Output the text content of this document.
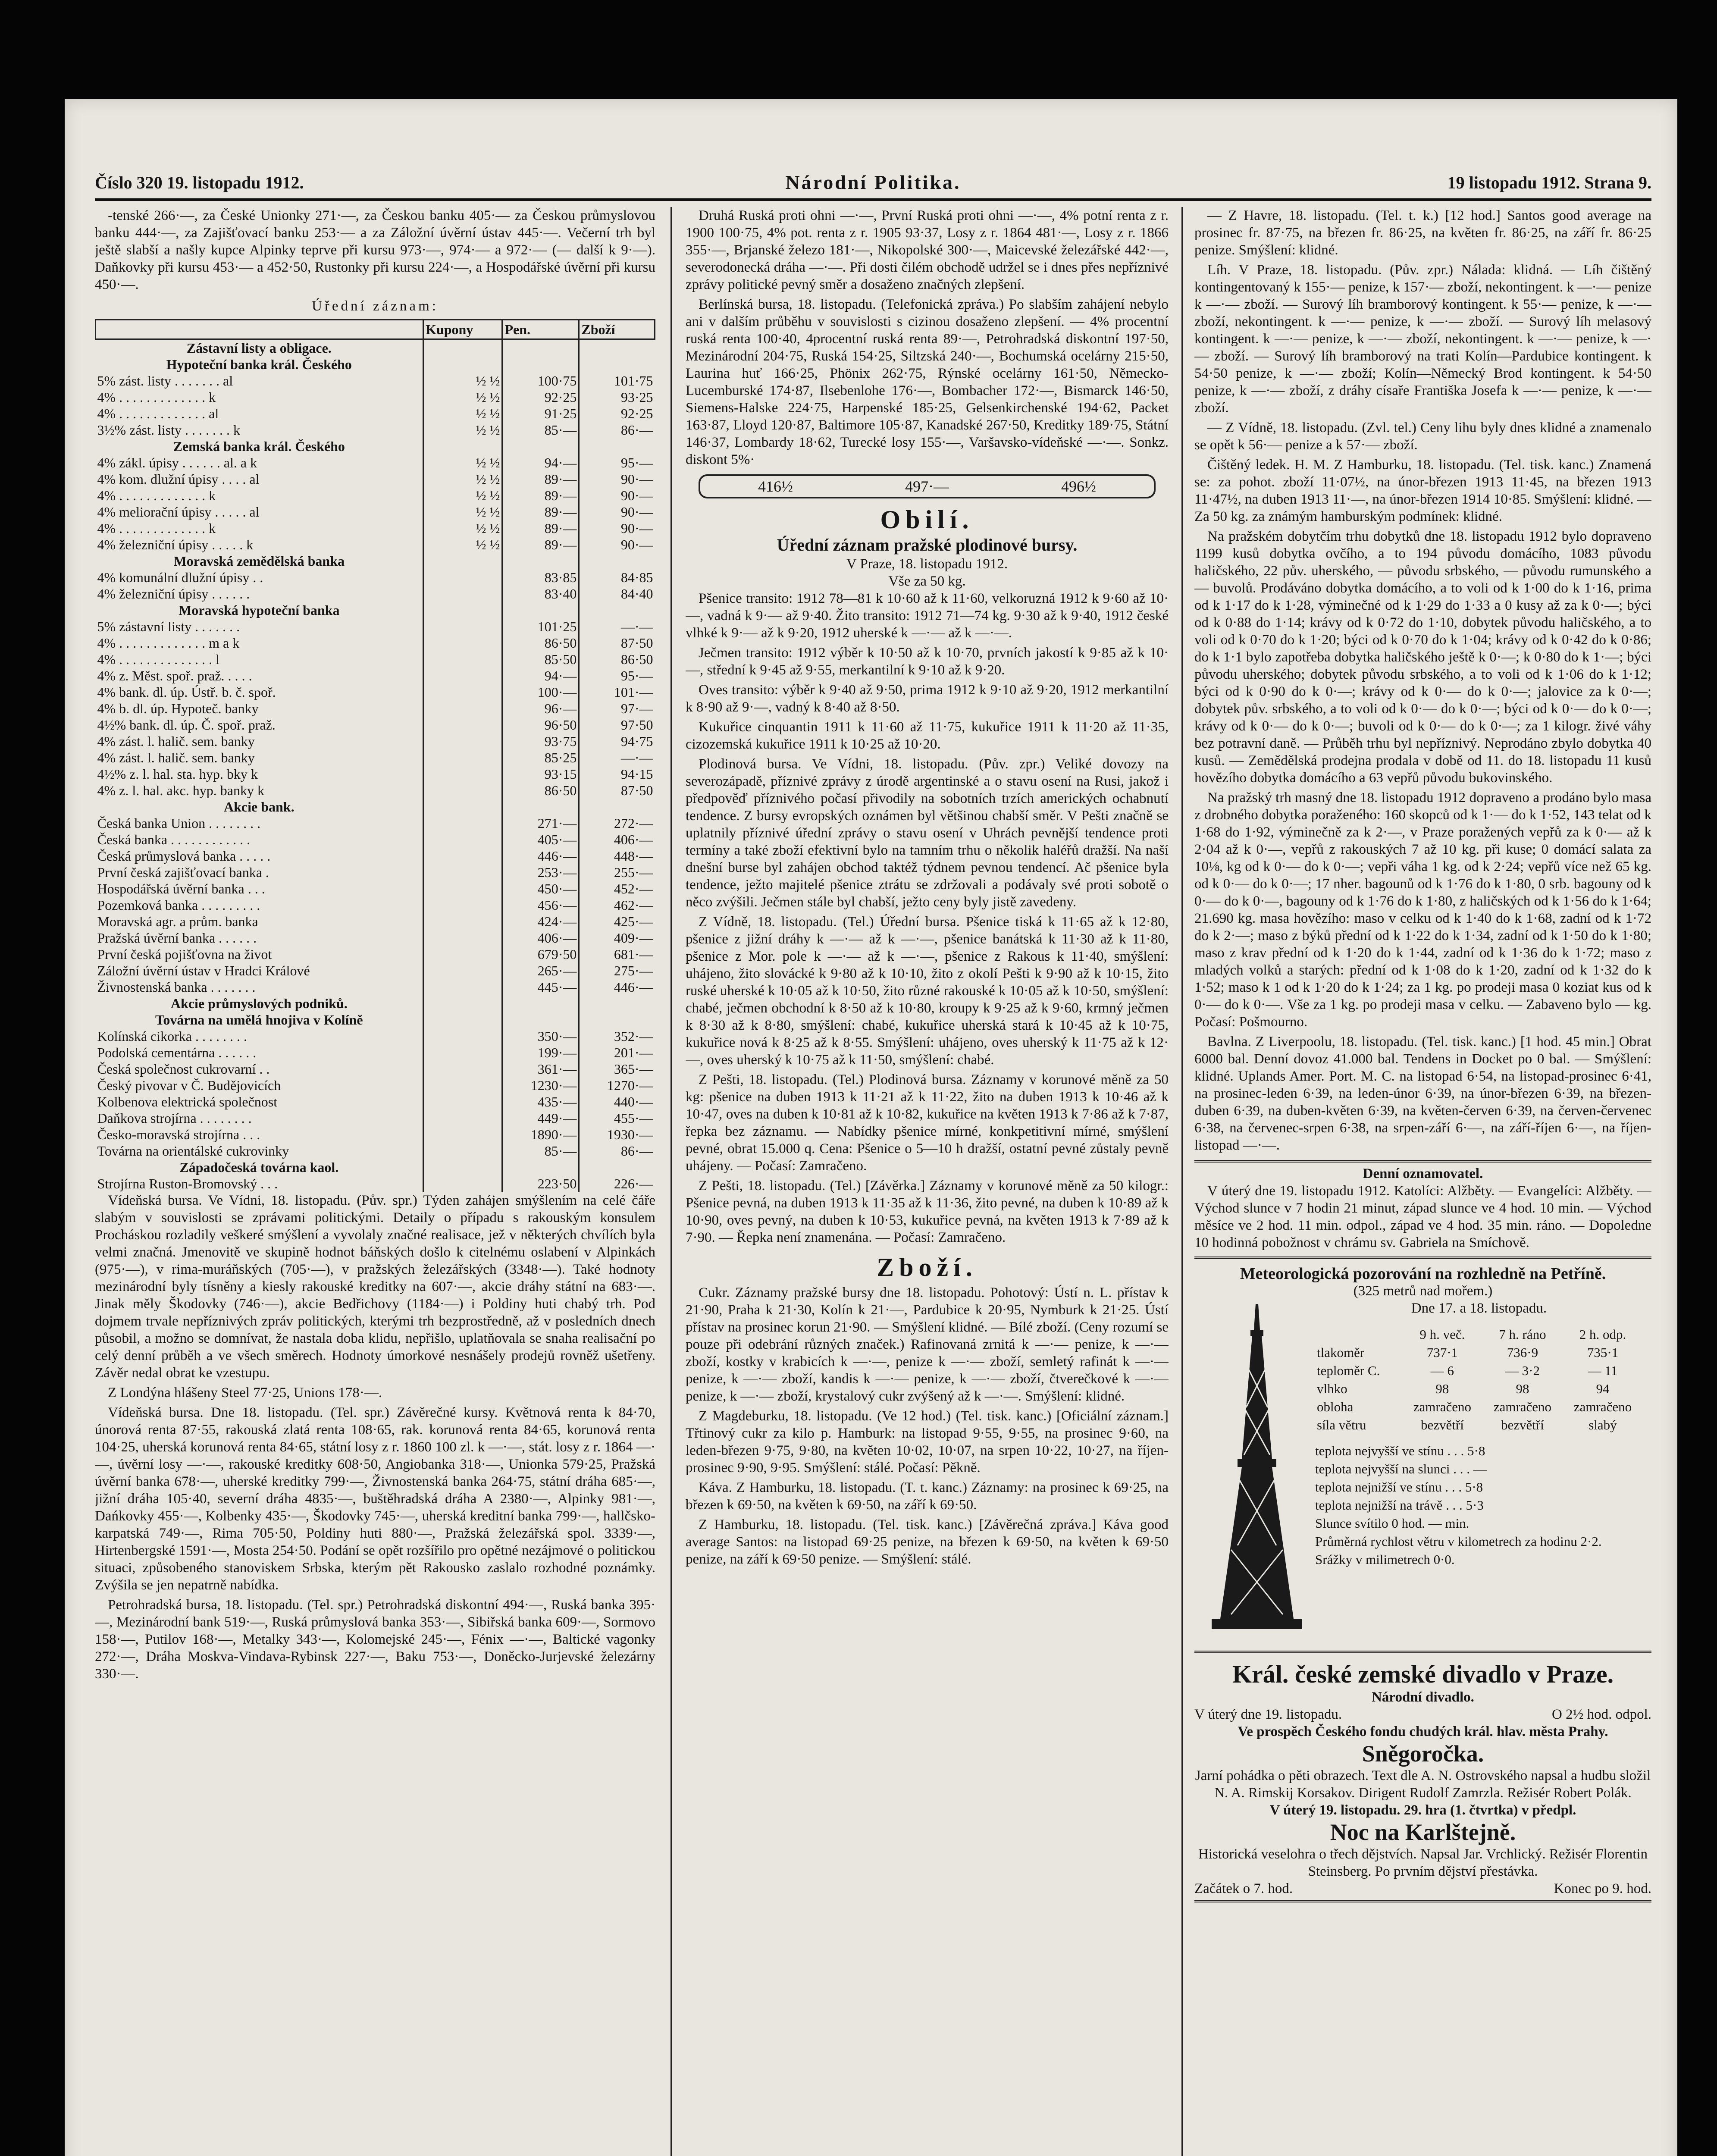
Číslo 320 19. listopadu 1912.	Národní Politika.	19 listopadu 1912. Strana 9.

-tenské 266·—, za České Unionky 271·—, za Českou banku 405·— za Českou průmyslovou banku 444·—, za Zajišťovací banku 253·— a za Záložní úvěrní ústav 445·—. Večerní trh byl ještě slabší a našly kupce Alpinky teprve při kursu 973·—, 974·— a 972·— (— další k 9·—). Daňkovky při kursu 453·— a 452·50, Rustonky při kursu 224·—, a Hospodářské úvěrní při kursu 450·—.

Úřední záznam:
	Kupony	Pen.	Zboží
Zástavní listy a obligace.			
Hypoteční banka král. Českého			
5% zást. listy . . . . . . . al	½ ½	100·75	101·75
4% . . . . . . . . . . . . . k	½ ½	92·25	93·25
4% . . . . . . . . . . . . . al	½ ½	91·25	92·25
3½% zást. listy . . . . . . . k	½ ½	85·—	86·—
Zemská banka král. Českého			
4% zákl. úpisy . . . . . . al. a k	½ ½	94·—	95·—
4% kom. dlužní úpisy . . . . al	½ ½	89·—	90·—
4% . . . . . . . . . . . . . k	½ ½	89·—	90·—
4% meliorační úpisy . . . . . al	½ ½	89·—	90·—
4% . . . . . . . . . . . . . k	½ ½	89·—	90·—
4% železniční úpisy . . . . . k	½ ½	89·—	90·—
Moravská zemědělská banka			
4% komunální dlužní úpisy . .		83·85	84·85
4% železniční úpisy . . . . . .		83·40	84·40
Moravská hypoteční banka			
5% zástavní listy . . . . . . .		101·25	—·—
4% . . . . . . . . . . . . . m a k		86·50	87·50
4% . . . . . . . . . . . . . . l		85·50	86·50
4% z. Měst. spoř. praž. . . . .		94·—	95·—
4% bank. dl. úp. Ústř. b. č. spoř.		100·—	101·—
4% b. dl. úp. Hypoteč. banky		96·—	97·—
4½% bank. dl. úp. Č. spoř. praž.		96·50	97·50
4% zást. l. halič. sem. banky		93·75	94·75
4% zást. l. halič. sem. banky		85·25	—·—
4½% z. l. hal. sta. hyp. bky k		93·15	94·15
4% z. l. hal. akc. hyp. banky k		86·50	87·50
Akcie bank.			
Česká banka Union . . . . . . . .		271·—	272·—
Česká banka . . . . . . . . . . . .		405·—	406·—
Česká průmyslová banka . . . . .		446·—	448·—
První česká zajišťovací banka .		253·—	255·—
Hospodářská úvěrní banka . . .		450·—	452·—
Pozemková banka . . . . . . . . .		456·—	462·—
Moravská agr. a prům. banka		424·—	425·—
Pražská úvěrní banka . . . . . .		406·—	409·—
První česká pojišťovna na život		679·50	681·—
Záložní úvěrní ústav v Hradci Králové		265·—	275·—
Živnostenská banka . . . . . . .		445·—	446·—
Akcie průmyslových podniků.			
Továrna na umělá hnojiva v Kolíně			
Kolínská cikorka . . . . . . . .		350·—	352·—
Podolská cementárna . . . . . .		199·—	201·—
Česká společnost cukrovarní . .		361·—	365·—
Český pivovar v Č. Budějovicích		1230·—	1270·—
Kolbenova elektrická společnost		435·—	440·—
Daňkova strojírna . . . . . . . .		449·—	455·—
Česko-moravská strojírna . . .		1890·—	1930·—
Továrna na orientálské cukrovinky		85·—	86·—
Západočeská továrna kaol.			
Strojírna Ruston-Bromovský . . .		223·50	226·—

Vídeňská bursa. Ve Vídni, 18. listopadu. (Pův. spr.) Týden zahájen smýšlením na celé čáře slabým v souvislosti se zprávami politickými. Detaily o případu s rakouským konsulem Procháskou rozladily veškeré smýšlení a vyvolaly značné realisace, jež v některých chvílích byla velmi značná. Jmenovitě ve skupině hodnot báňských došlo k citelnému oslabení v Alpinkách (975·—), v rima-muráňských (705·—), v pražských železářských (3348·—). Také hodnoty mezinárodní byly tísněny a kiesly rakouské kreditky na 607·—, akcie dráhy státní na 683·—. Jinak měly Škodovky (746·—), akcie Bedřichovy (1184·—) i Poldiny huti chabý trh. Pod dojmem trvale nepříznivých zpráv politických, kterými trh bezprostředně, až v posledních dnech působil, a možno se domnívat, že nastala doba klidu, nepřišlo, uplatňovala se snaha realisační po celý denní průběh a ve všech směrech. Hodnoty úmorkové nesnášely prodejů rovněž ušetřeny. Závěr nedal obrat ke vzestupu.

Z Londýna hlášeny Steel 77·25, Unions 178·—.

Vídeňská bursa. Dne 18. listopadu. (Tel. spr.) Závěrečné kursy. Květnová renta k 84·70, únorová renta 87·55, rakouská zlatá renta 108·65, rak. korunová renta 84·65, korunová renta 104·25, uherská korunová renta 84·65, státní losy z r. 1860 100 zl. k —·—, stát. losy z r. 1864 —·—, úvěrní losy —·—, rakouské kreditky 608·50, Angiobanka 318·—, Unionka 579·25, Pražská úvěrní banka 678·—, uherské kreditky 799·—, Živnostenská banka 264·75, státní dráha 685·—, jižní dráha 105·40, severní dráha 4835·—, buštěhradská dráha A 2380·—, Alpinky 981·—, Dańkovky 455·—, Kolbenky 435·—, Škodovky 745·—, uherská kreditní banka 799·—, hallčsko-karpatská 749·—, Rima 705·50, Poldiny huti 880·—, Pražská železářská spol. 3339·—, Hirtenbergské 1591·—, Mosta 254·50. Podání se opět rozšířilo pro opětné nezájmové o politickou situaci, způsobeného stanoviskem Srbska, kterým pět Rakousko zaslalo rozhodné poznámky. Zvýšila se jen nepatrně nabídka.

Petrohradská bursa, 18. listopadu. (Tel. spr.) Petrohradská diskontní 494·—, Ruská banka 395·—, Mezinárodní bank 519·—, Ruská průmyslová banka 353·—, Sibiřská banka 609·—, Sormovo 158·—, Putilov 168·—, Metalky 343·—, Kolomejské 245·—, Fénix —·—, Baltické vagonky 272·—, Dráha Moskva-Vindava-Rybinsk 227·—, Baku 753·—, Doněcko-Jurjevské železárny 330·—.

Druhá Ruská proti ohni —·—, První Ruská proti ohni —·—, 4% potní renta z r. 1900 100·75, 4% pot. renta z r. 1905 93·37, Losy z r. 1864 481·—, Losy z r. 1866 355·—, Brjanské železo 181·—, Nikopolské 300·—, Maicevské železářské 442·—, severodonecká dráha —·—. Při dosti čilém obchodě udržel se i dnes přes nepříznivé zprávy politické pevný směr a dosaženo značných zlepšení.

Berlínská bursa, 18. listopadu. (Telefonická zpráva.) Po slabším zahájení nebylo ani v dalším průběhu v souvislosti s cizinou dosaženo zlepšení. — 4% procentní ruská renta 100·40, 4procentní ruská renta 89·—, Petrohradská diskontní 197·50, Mezinárodní 204·75, Ruská 154·25, Siltzská 240·—, Bochumská ocelárny 215·50, Laurina huť 166·25, Phönix 262·75, Rýnské ocelárny 161·50, Německo-Lucemburské 174·87, Ilsebenlohe 176·—, Bombacher 172·—, Bismarck 146·50, Siemens-Halske 224·75, Harpenské 185·25, Gelsenkirchenské 194·62, Packet 163·87, Lloyd 120·87, Baltimore 105·87, Kanadské 267·50, Kreditky 189·75, Státní 146·37, Lombardy 18·62, Turecké losy 155·—, Varšavsko-vídeňské —·—. Sonkz. diskont 5%·

416½	497·—	496½
Obilí.
Úřední záznam pražské plodinové bursy.
V Praze, 18. listopadu 1912.
Vše za 50 kg.

Pšenice transito: 1912 78—81 k 10·60 až k 11·60, velkoruzná 1912 k 9·60 až 10·—, vadná k 9·— až 9·40. Žito transito: 1912 71—74 kg. 9·30 až k 9·40, 1912 české vlhké k 9·— až k 9·20, 1912 uherské k —·— až k —·—.

Ječmen transito: 1912 výběr k 10·50 až k 10·70, prvních jakostí k 9·85 až k 10·—, střední k 9·45 až 9·55, merkantilní k 9·10 až k 9·20.

Oves transito: výběr k 9·40 až 9·50, prima 1912 k 9·10 až 9·20, 1912 merkantilní k 8·90 až 9·—, vadný k 8·40 až 8·50.

Kukuřice cinquantin 1911 k 11·60 až 11·75, kukuřice 1911 k 11·20 až 11·35, cizozemská kukuřice 1911 k 10·25 až 10·20.

Plodinová bursa. Ve Vídni, 18. listopadu. (Pův. zpr.) Veliké dovozy na severozápadě, příznivé zprávy z úrodě argentinské a o stavu osení na Rusi, jakož i předpověď příznivého počasí přivodily na sobotních trzích amerických ochabnutí tendence. Z bursy evropských oznámen byl většinou chabší směr. V Pešti značně se uplatnily příznivé úřední zprávy o stavu osení v Uhrách pevnější tendence proti termíny a také zboží efektivní bylo na tamním trhu o několik haléřů dražší. Na naší dnešní burse byl zahájen obchod taktéž týdnem pevnou tendencí. Ač pšenice byla tendence, ježto majitelé pšenice ztrátu se zdržovali a podávaly své proti sobotě o něco zvýšili. Ječmen stále byl chabší, ježto ceny byly jistě zavedeny.

Z Vídně, 18. listopadu. (Tel.) Úřední bursa. Pšenice tiská k 11·65 až k 12·80, pšenice z jižní dráhy k —·— až k —·—, pšenice banátská k 11·30 až k 11·80, pšenice z Mor. pole k —·— až k —·—, pšenice z Rakous k 11·40, smýšlení: uhájeno, žito slovácké k 9·80 až k 10·10, žito z okolí Pešti k 9·90 až k 10·15, žito ruské uherské k 10·05 až k 10·50, žito různé rakouské k 10·05 až k 10·50, smýšlení: chabé, ječmen obchodní k 8·50 až k 10·80, kroupy k 9·25 až k 9·60, krmný ječmen k 8·30 až k 8·80, smýšlení: chabé, kukuřice uherská stará k 10·45 až k 10·75, kukuřice nová k 8·25 až k 8·55. Smýšlení: uhájeno, oves uherský k 11·75 až k 12·—, oves uherský k 10·75 až k 11·50, smýšlení: chabé.

Z Pešti, 18. listopadu. (Tel.) Plodinová bursa. Záznamy v korunové měně za 50 kg: pšenice na duben 1913 k 11·21 až k 11·22, žito na duben 1913 k 10·46 až k 10·47, oves na duben k 10·81 až k 10·82, kukuřice na květen 1913 k 7·86 až k 7·87, řepka bez záznamu. — Nabídky pšenice mírné, konkpetitivní mírné, smýšlení pevné, obrat 15.000 q. Cena: Pšenice o 5—10 h dražší, ostatní pevné zůstaly pevně uhájeny. — Počasí: Zamračeno.

Z Pešti, 18. listopadu. (Tel.) [Závěrka.] Záznamy v korunové měně za 50 kilogr.: Pšenice pevná, na duben 1913 k 11·35 až k 11·36, žito pevné, na duben k 10·89 až k 10·90, oves pevný, na duben k 10·53, kukuřice pevná, na květen 1913 k 7·89 až k 7·90. — Řepka není znamenána. — Počasí: Zamračeno.

Zboží.

Cukr. Záznamy pražské bursy dne 18. listopadu. Pohotový: Ústí n. L. přístav k 21·90, Praha k 21·30, Kolín k 21·—, Pardubice k 20·95, Nymburk k 21·25. Ústí přístav na prosinec korun 21·90. — Smýšlení klidné. — Bílé zboží. (Ceny rozumí se pouze při odebrání různých značek.) Rafinovaná zrnitá k —·— penize, k —·— zboží, kostky v krabicích k —·—, penize k —·— zboží, semletý rafinát k —·— penize, k —·— zboží, kandis k —·— penize, k —·— zboží, čtverečkové k —·— penize, k —·— zboží, krystalový cukr zvýšený až k —·—. Smýšlení: klidné.

Z Magdeburku, 18. listopadu. (Ve 12 hod.) (Tel. tisk. kanc.) [Oficiální záznam.] Třtinový cukr za kilo p. Hamburk: na listopad 9·55, 9·55, na prosinec 9·60, na leden-březen 9·75, 9·80, na květen 10·02, 10·07, na srpen 10·22, 10·27, na říjen-prosinec 9·90, 9·95. Smýšlení: stálé. Počasí: Pěkně.

Káva. Z Hamburku, 18. listopadu. (T. t. kanc.) Záznamy: na prosinec k 69·25, na březen k 69·50, na květen k 69·50, na září k 69·50.

Z Hamburku, 18. listopadu. (Tel. tisk. kanc.) [Závěrečná zpráva.] Káva good average Santos: na listopad 69·25 penize, na březen k 69·50, na květen k 69·50 penize, na září k 69·50 penize. — Smýšlení: stálé.

— Z Havre, 18. listopadu. (Tel. t. k.) [12 hod.] Santos good average na prosinec fr. 87·75, na březen fr. 86·25, na květen fr. 86·25, na září fr. 86·25 penize. Smýšlení: klidné.

Líh. V Praze, 18. listopadu. (Pův. zpr.) Nálada: klidná. — Líh čištěný kontingentovaný k 155·— penize, k 157·— zboží, nekontingent. k —·— penize k —·— zboží. — Surový líh bramborový kontingent. k 55·— penize, k —·— zboží, nekontingent. k —·— penize, k —·— zboží. — Surový líh melasový kontingent. k —·— penize, k —·— zboží, nekontingent. k —·— penize, k —·— zboží. — Surový líh bramborový na trati Kolín—Pardubice kontingent. k 54·50 penize, k —·— zboží; Kolín—Německý Brod kontingent. k 54·50 penize, k —·— zboží, z dráhy císaře Františka Josefa k —·— penize, k —·— zboží.

— Z Vídně, 18. listopadu. (Zvl. tel.) Ceny lihu byly dnes klidné a znamenalo se opět k 56·— penize a k 57·— zboží.

Čištěný ledek. H. M. Z Hamburku, 18. listopadu. (Tel. tisk. kanc.) Znamená se: za pohot. zboží 11·07½, na únor-březen 1913 11·45, na březen 1913 11·47½, na duben 1913 11·—, na únor-březen 1914 10·85. Smýšlení: klidné. — Za 50 kg. za známým hamburským podmínek: klidné.

Na pražském dobytčím trhu dobytků dne 18. listopadu 1912 bylo dopraveno 1199 kusů dobytka ovčího, a to 194 původu domácího, 1083 původu haličského, 22 pův. uherského, — původu srbského, — původu rumunského a — buvolů. Prodáváno dobytka domácího, a to voli od k 1·00 do k 1·16, prima od k 1·17 do k 1·28, výminečné od k 1·29 do 1·33 a 0 kusy až za k 0·—; býci od k 0·88 do 1·14; krávy od k 0·72 do 1·10, dobytek původu haličského, a to voli od k 0·70 do k 1·20; býci od k 0·70 do k 1·04; krávy od k 0·42 do k 0·86; do k 1·1 bylo zapotřeba dobytka haličského ještě k 0·—; k 0·80 do k 1·—; býci původu uherského; dobytek původu srbského, a to voli od k 1·06 do k 1·12; býci od k 0·90 do k 0·—; krávy od k 0·— do k 0·—; jalovice za k 0·—; dobytek pův. srbského, a to voli od k 0·— do k 0·—; býci od k 0·— do k 0·—; krávy od k 0·— do k 0·—; buvoli od k 0·— do k 0·—; za 1 kilogr. živé váhy bez potravní daně. — Průběh trhu byl nepříznivý. Neprodáno zbylo dobytka 40 kusů. — Zemědělská prodejna prodala v době od 11. do 18. listopadu 11 kusů hovězího dobytka domácího a 63 vepřů původu bukovinského.

Na pražský trh masný dne 18. listopadu 1912 dopraveno a prodáno bylo masa z drobného dobytka poraženého: 160 skopců od k 1·— do k 1·52, 143 telat od k 1·68 do 1·92, výminečně za k 2·—, v Praze poražených vepřů za k 0·— až k 2·04 až k 0·—, vepřů z rakouských 7 až 10 kg. při kuse; 0 domácí salata za 10⅛, kg od k 0·— do k 0·—; vepři váha 1 kg. od k 2·24; vepřů více než 65 kg. od k 0·— do k 0·—; 17 nher. bagounů od k 1·76 do k 1·80, 0 srb. bagouny od k 0·— do k 0·—, bagouny od k 1·76 do k 1·80, z haličských od k 1·56 do k 1·64; 21.690 kg. masa hovězího: maso v celku od k 1·40 do k 1·68, zadní od k 1·72 do k 2·—; maso z býků přední od k 1·22 do k 1·34, zadní od k 1·50 do k 1·80; maso z krav přední od k 1·20 do k 1·44, zadní od k 1·36 do k 1·72; maso z mladých volků a starých: přední od k 1·08 do k 1·20, zadní od k 1·32 do k 1·52; maso k 1 od k 1·20 do k 1·24; za 1 kg. po prodeji masa 0 koziat kus od k 0·— do k 0·—. Vše za 1 kg. po prodeji masa v celku. — Zabaveno bylo — kg. Počasí: Pošmourno.

Bavlna. Z Liverpoolu, 18. listopadu. (Tel. tisk. kanc.) [1 hod. 45 min.] Obrat 6000 bal. Denní dovoz 41.000 bal. Tendens in Docket po 0 bal. — Smýšlení: klidné. Uplands Amer. Port. M. C. na listopad 6·54, na listopad-prosinec 6·41, na prosinec-leden 6·39, na leden-únor 6·39, na únor-březen 6·39, na březen-duben 6·39, na duben-květen 6·39, na květen-červen 6·39, na červen-červenec 6·38, na červenec-srpen 6·38, na srpen-září 6·—, na září-říjen 6·—, na říjen-listopad —·—.

Denní oznamovatel.

V úterý dne 19. listopadu 1912. Katolíci: Alžběty. — Evangelíci: Alžběty. — Východ slunce v 7 hodin 21 minut, západ slunce ve 4 hod. 10 min. — Východ měsíce ve 2 hod. 11 min. odpol., západ ve 4 hod. 35 min. ráno. — Dopoledne 10 hodinná pobožnost v chrámu sv. Gabriela na Smíchově.

Meteorologická pozorování na rozhledně na Petříně.
(325 metrů nad mořem.)
Dne 17. a 18. listopadu.
	9 h. več.	7 h. ráno	2 h. odp.
tlakoměr	737·1	736·9	735·1
teploměr C.	— 6	— 3·2	— 11
vlhko	98	98	94
obloha	zamračeno	zamračeno	zamračeno
síla větru	bezvětří	bezvětří	slabý
teplota nejvyšší ve stínu . . . 5·8
teplota nejvyšší na slunci . . . —
teplota nejnižší ve stínu . . . 5·8
teplota nejnižší na trávě . . . 5·3
Slunce svítilo 0 hod. — min.
Průměrná rychlost větru v kilometrech za hodinu 2·2.
Srážky v milimetrech 0·0.
Král. české zemské divadlo v Praze.
Národní divadlo.
V úterý dne 19. listopadu.	O 2½ hod. odpol.
Ve prospěch Českého fondu chudých král. hlav. města Prahy.
Sněgoročka.
Jarní pohádka o pěti obrazech. Text dle A. N. Ostrovského napsal a hudbu složil N. A. Rimskij Korsakov. Dirigent Rudolf Zamrzla. Režisér Robert Polák.
V úterý 19. listopadu. 29. hra (1. čtvrtka) v předpl.
Noc na Karlštejně.
Historická veselohra o třech dějstvích. Napsal Jar. Vrchlický. Režisér Florentin Steinsberg. Po prvním dějství přestávka.
Začátek o 7. hod.	Konec po 9. hod.
